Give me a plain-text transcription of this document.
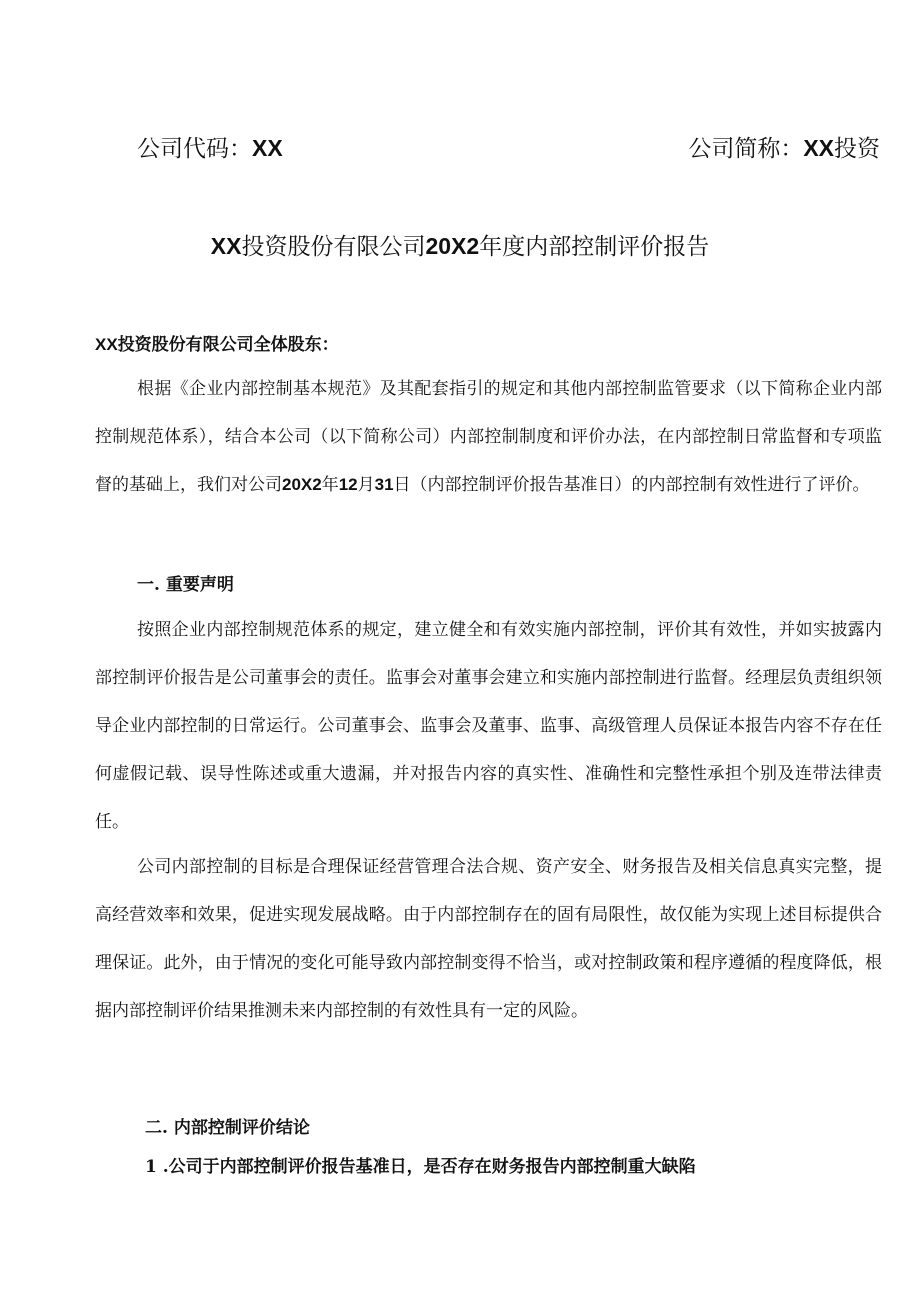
公司代码：XX	公司简称：XX投资
XX投资股份有限公司20X2年度内部控制评价报告
XX投资股份有限公司全体股东：

根据《企业内部控制基本规范》及其配套指引的规定和其他内部控制监管要求（以下简称企业内部控制规范体系），结合本公司（以下简称公司）内部控制制度和评价办法，在内部控制日常监督和专项监督的基础上，我们对公司20X2年12月31日（内部控制评价报告基准日）的内部控制有效性进行了评价。

一. 重要声明

按照企业内部控制规范体系的规定，建立健全和有效实施内部控制，评价其有效性，并如实披露内部控制评价报告是公司董事会的责任。监事会对董事会建立和实施内部控制进行监督。经理层负责组织领导企业内部控制的日常运行。公司董事会、监事会及董事、监事、高级管理人员保证本报告内容不存在任何虚假记载、误导性陈述或重大遗漏，并对报告内容的真实性、准确性和完整性承担个别及连带法律责任。

公司内部控制的目标是合理保证经营管理合法合规、资产安全、财务报告及相关信息真实完整，提高经营效率和效果，促进实现发展战略。由于内部控制存在的固有局限性，故仅能为实现上述目标提供合理保证。此外，由于情况的变化可能导致内部控制变得不恰当，或对控制政策和程序遵循的程度降低，根据内部控制评价结果推测未来内部控制的有效性具有一定的风险。

二. 内部控制评价结论
1 .公司于内部控制评价报告基准日，是否存在财务报告内部控制重大缺陷
